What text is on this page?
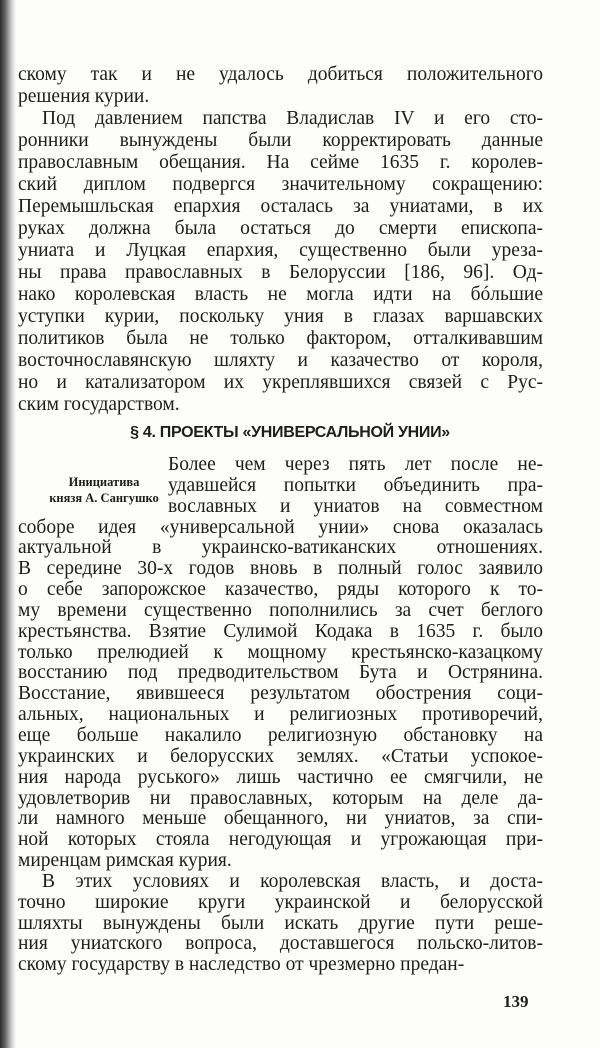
скому так и не удалось добиться положительного
решения курии.
Под давлением папства Владислав IV и его сто-
ронники вынуждены были корректировать данные
православным обещания. На сейме 1635 г. королев-
ский диплом подвергся значительному сокращению:
Перемышльская епархия осталась за униатами, в их
руках должна была остаться до смерти епископа-
униата и Луцкая епархия, существенно были уреза-
ны права православных в Белоруссии [186, 96]. Од-
нако королевская власть не могла идти на бóльшие
уступки курии, поскольку уния в глазах варшавских
политиков была не только фактором, отталкивавшим
восточнославянскую шляхту и казачество от короля,
но и катализатором их укреплявшихся связей с Рус-
ским государством.
§ 4. ПРОЕКТЫ «УНИВЕРСАЛЬНОЙ УНИИ»
Инициатива
князя А. Сангушко
Более чем через пять лет после не-
удавшейся попытки объединить пра-
вославных и униатов на совместном
соборе идея «универсальной унии» снова оказалась
актуальной в украинско-ватиканских отношениях.
В середине 30-х годов вновь в полный голос заявило
о себе запорожское казачество, ряды которого к то-
му времени существенно пополнились за счет беглого
крестьянства. Взятие Сулимой Кодака в 1635 г. было
только прелюдией к мощному крестьянско-казацкому
восстанию под предводительством Бута и Острянина.
Восстание, явившееся результатом обострения соци-
альных, национальных и религиозных противоречий,
еще больше накалило религиозную обстановку на
украинских и белорусских землях. «Статьи успокое-
ния народа руського» лишь частично ее смягчили, не
удовлетворив ни православных, которым на деле да-
ли намного меньше обещанного, ни униатов, за спи-
ной которых стояла негодующая и угрожающая при-
миренцам римская курия.
В этих условиях и королевская власть, и доста-
точно широкие круги украинской и белорусской
шляхты вынуждены были искать другие пути реше-
ния униатского вопроса, доставшегося польско-литов-
скому государству в наследство от чрезмерно предан-
139
